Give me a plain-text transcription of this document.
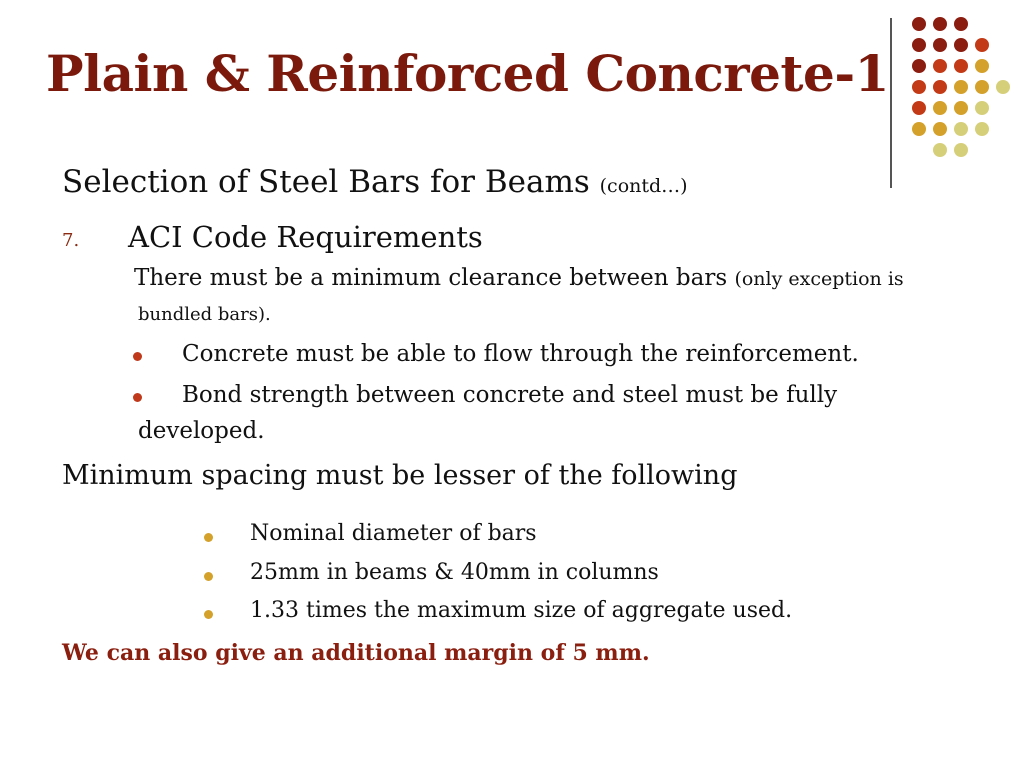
Plain & Reinforced Concrete-1
Selection of Steel Bars for Beams (contd…)
7. ACI Code Requirements
There must be a minimum clearance between bars (only exception is
bundled bars).
Concrete must be able to flow through the reinforcement.
Bond strength between concrete and steel must be fully
developed.
Minimum spacing must be lesser of the following
Nominal diameter of bars
25mm in beams & 40mm in columns
1.33 times the maximum size of aggregate used.
We can also give an additional margin of 5 mm.
